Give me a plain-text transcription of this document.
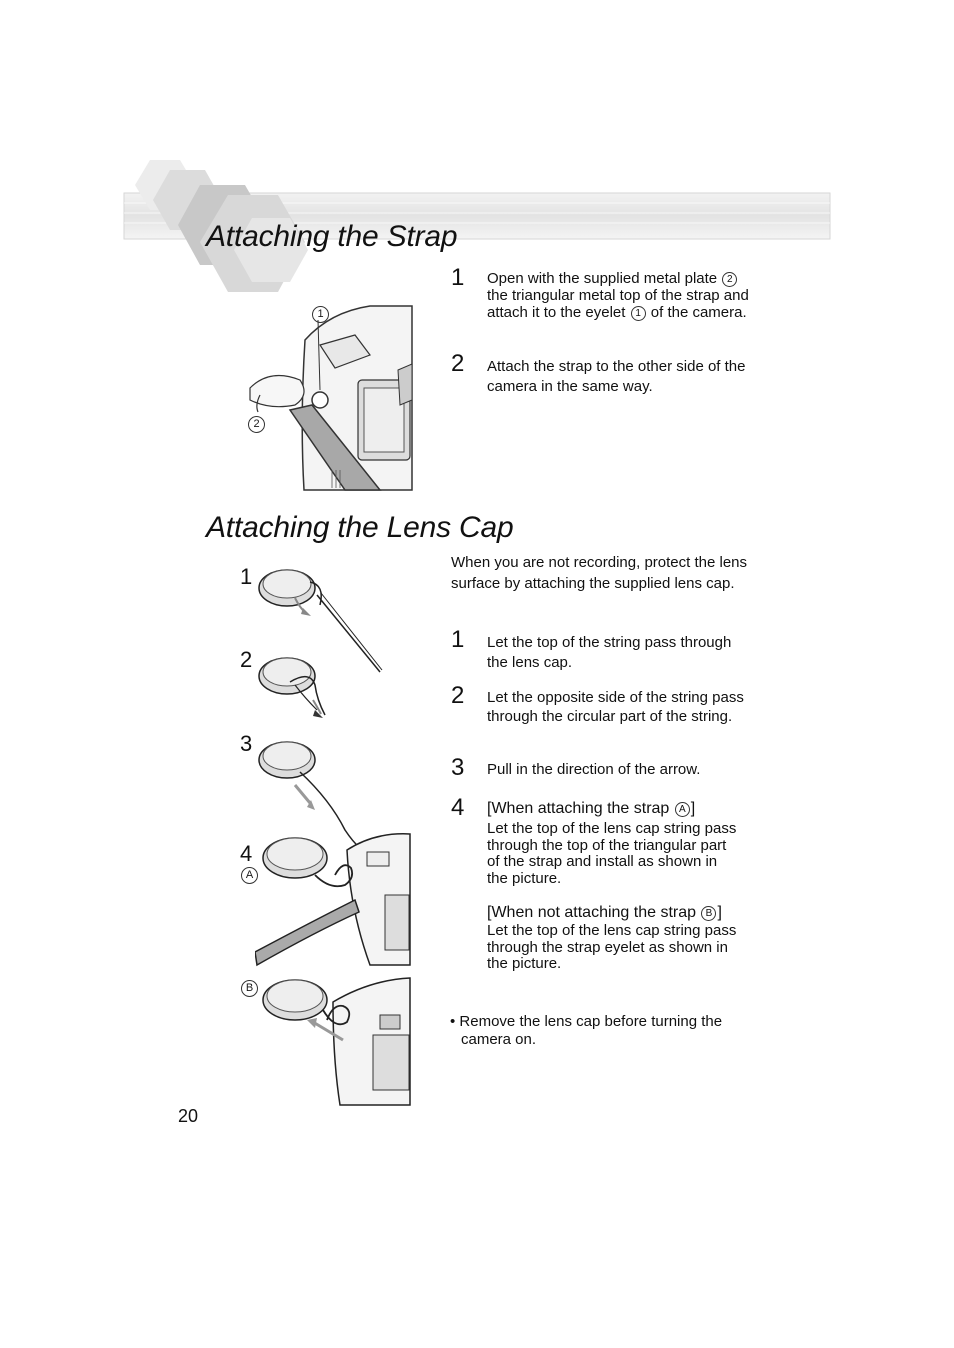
Attaching the Strap
1
2
1 Open with the supplied metal plate 2 the triangular metal top of the strap and attach it to the eyelet 1 of the camera.
2 Attach the strap to the other side of the camera in the same way.
Attaching the Lens Cap
When you are not recording, protect the lens surface by attaching the supplied lens cap.
1
2
3
4
A
B
1 Let the top of the string pass through the lens cap.
2 Let the opposite side of the string pass through the circular part of the string.
3 Pull in the direction of the arrow.
4 [When attaching the strap A ]
Let the top of the lens cap string pass through the top of the triangular part of the strap and install as shown in the picture.
[When not attaching the strap B ]
Let the top of the lens cap string pass through the strap eyelet as shown in the picture.
• Remove the lens cap before turning the camera on.
20
